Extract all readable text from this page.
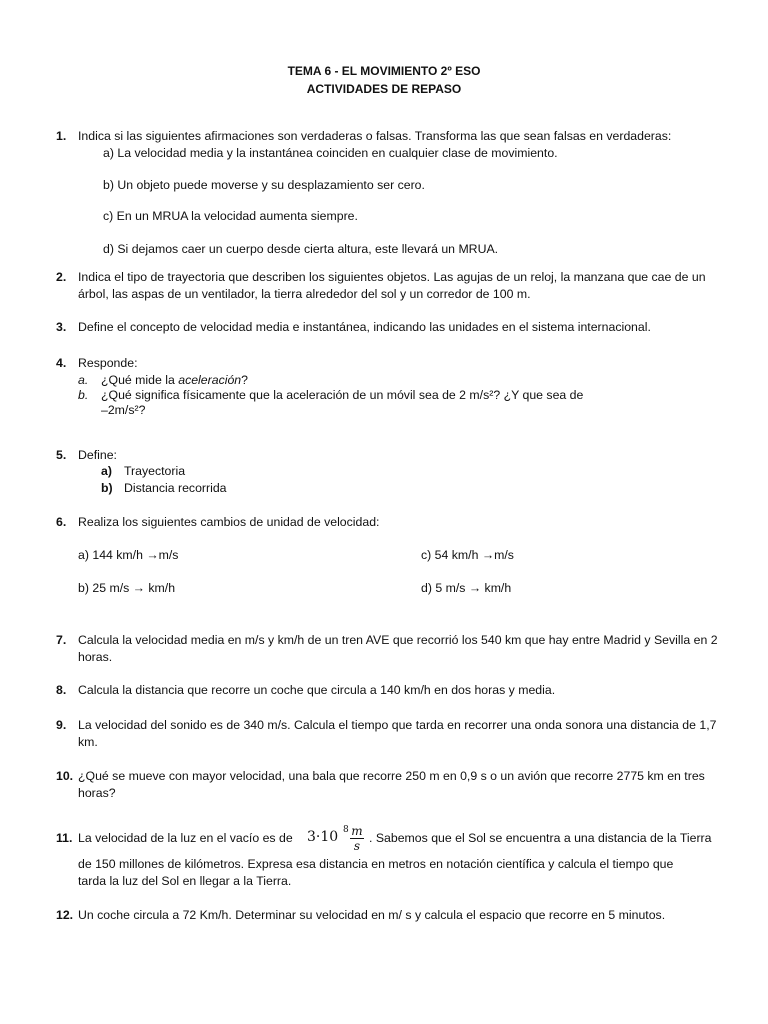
TEMA 6 - EL MOVIMIENTO 2º ESO
ACTIVIDADES DE REPASO
1. Indica si las siguientes afirmaciones son verdaderas o falsas. Transforma las que sean falsas en verdaderas:
a) La velocidad media y la instantánea coinciden en cualquier clase de movimiento.
b) Un objeto puede moverse y su desplazamiento ser cero.
c) En un MRUA la velocidad aumenta siempre.
d) Si dejamos caer un cuerpo desde cierta altura, este llevará un MRUA.
2. Indica el tipo de trayectoria que describen los siguientes objetos. Las agujas de un reloj, la manzana que cae de un árbol, las aspas de un ventilador, la tierra alrededor del sol y un corredor de 100 m.
3. Define el concepto de velocidad media e instantánea, indicando las unidades en el sistema internacional.
4. Responde:
a. ¿Qué mide la aceleración?
b. ¿Qué significa físicamente que la aceleración de un móvil sea de 2 m/s²? ¿Y que sea de
–2m/s²?
5. Define:
a) Trayectoria
b) Distancia recorrida
6. Realiza los siguientes cambios de unidad de velocidad:
a) 144 km/h →m/s	c) 54 km/h →m/s
b) 25 m/s → km/h	d) 5 m/s → km/h
7. Calcula la velocidad media en m/s y km/h de un tren AVE que recorrió los 540 km que hay entre Madrid y Sevilla en 2 horas.
8. Calcula la distancia que recorre un coche que circula a 140 km/h en dos horas y media.
9. La velocidad del sonido es de 340 m/s. Calcula el tiempo que tarda en recorrer una onda sonora una distancia de 1,7 km.
10. ¿Qué se mueve con mayor velocidad, una bala que recorre 250 m en 0,9 s o un avión que recorre 2775 km en tres horas?
11. La velocidad de la luz en el vacío es de	3·10 8 m
s
. Sabemos que el Sol se encuentra a una distancia de la Tierra
de 150 millones de kilómetros. Expresa esa distancia en metros en notación científica y calcula el tiempo que
tarda la luz del Sol en llegar a la Tierra.
12. Un coche circula a 72 Km/h. Determinar su velocidad en m/ s y calcula el espacio que recorre en 5 minutos.
